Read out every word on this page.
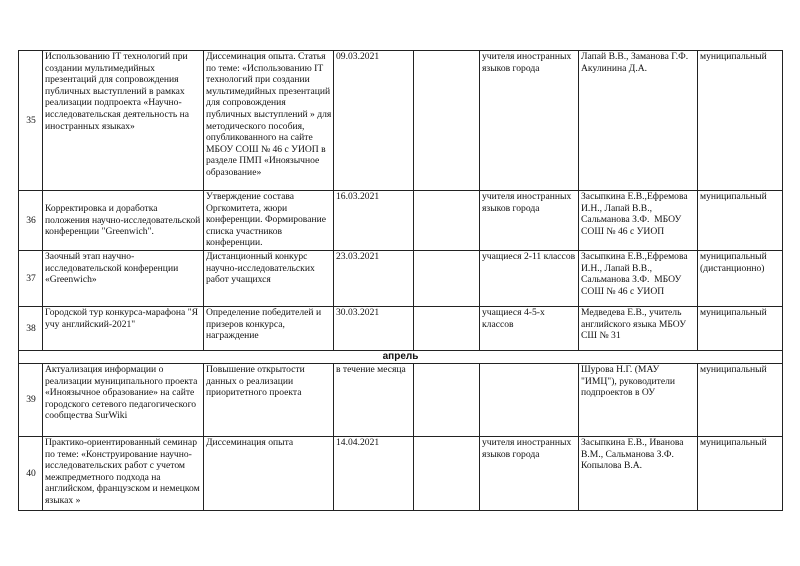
35	Использованию IT технологий при создании мультимедийных презентаций для сопровождения публичных выступлений в рамках реализации подпроекта «Научно-исследовательская деятельность на иностранных языках»	Диссеминация опыта. Статья по теме: «Использованию IT технологий при создании мультимедийных презентаций для сопровождения публичных выступлений » для методического пособия, опубликованного на сайте МБОУ СОШ № 46 с УИОП в разделе ПМП «Иноязычное образование»	09.03.2021		учителя иностранных языков города	Лапай В.В., Заманова Г.Ф. Акулинина Д.А.	муниципальный
36	Корректировка и доработка положения научно-исследовательской конференции "Greenwich".	Утверждение состава Оргкомитета, жюри конференции. Формирование списка участников конференции.	16.03.2021		учителя иностранных языков города	Засыпкина Е.В.,Ефремова И.Н., Лапай В.В., Сальманова З.Ф.  МБОУ СОШ № 46 с УИОП	муниципальный
37	Заочный этап научно-исследовательской конференции «Greenwich»	Дистанционный конкурс научно-исследовательских работ учащихся	23.03.2021		учащиеся 2-11 классов	Засыпкина Е.В.,Ефремова И.Н., Лапай В.В., Сальманова З.Ф.  МБОУ СОШ № 46 с УИОП	муниципальный (дистанционно)
38	Городской тур конкурса-марафона "Я учу английский-2021"	Определение победителей и призеров конкурса, награждение	30.03.2021		учащиеся 4-5-х классов	Медведева Е.В., учитель английского языка МБОУ СШ № 31	муниципальный
апрель							
39	Актуализация информации о реализации муниципального проекта «Иноязычное образование» на сайте городского сетевого педагогического сообщества SurWiki	Повышение открытости данных о реализации приоритетного проекта	в течение месяца			Шурова Н.Г. (МАУ "ИМЦ"), руководители подпроектов в ОУ	муниципальный
40	Практико-ориентированный семинар по теме: «Конструирование научно-исследовательских работ с учетом межпредметного подхода на английском, французском и немецком языках »	Диссеминация опыта	14.04.2021		учителя иностранных языков города	Засыпкина Е.В., Иванова В.М., Сальманова З.Ф. Копылова В.А.	муниципальный
